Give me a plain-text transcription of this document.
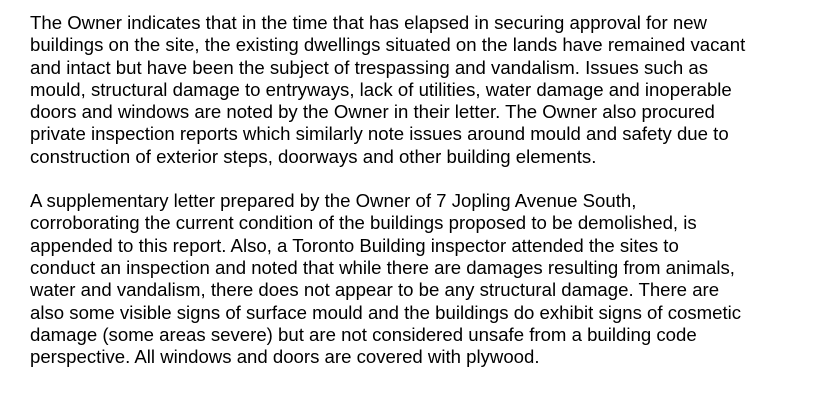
The Owner indicates that in the time that has elapsed in securing approval for new
buildings on the site, the existing dwellings situated on the lands have remained vacant
and intact but have been the subject of trespassing and vandalism. Issues such as
mould, structural damage to entryways, lack of utilities, water damage and inoperable
doors and windows are noted by the Owner in their letter. The Owner also procured
private inspection reports which similarly note issues around mould and safety due to
construction of exterior steps, doorways and other building elements.

A supplementary letter prepared by the Owner of 7 Jopling Avenue South,
corroborating the current condition of the buildings proposed to be demolished, is
appended to this report. Also, a Toronto Building inspector attended the sites to
conduct an inspection and noted that while there are damages resulting from animals,
water and vandalism, there does not appear to be any structural damage. There are
also some visible signs of surface mould and the buildings do exhibit signs of cosmetic
damage (some areas severe) but are not considered unsafe from a building code
perspective. All windows and doors are covered with plywood.
